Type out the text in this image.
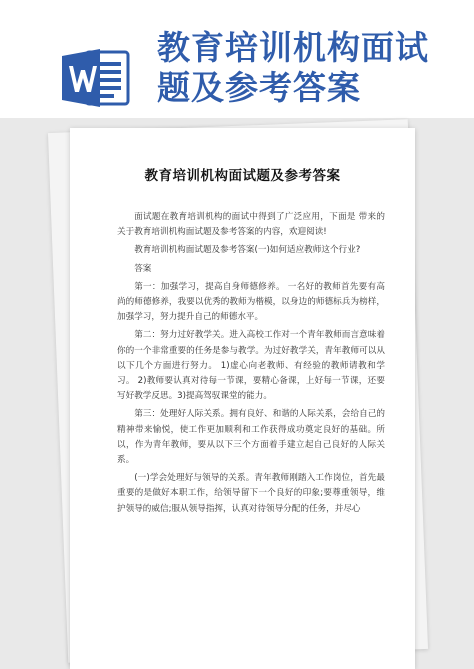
教育培训机构面试题及参考答案
教育培训机构面试题及参考答案

面试题在教育培训机构的面试中得到了广泛应用，下面是 带来的关于教育培训机构面试题及参考答案的内容，欢迎阅读!

教育培训机构面试题及参考答案(一)如何适应教师这个行业?

答案

第一：加强学习，提高自身师德修养。 一名好的教师首先要有高尚的师德修养，我要以优秀的教师为楷模，以身边的师德标兵为榜样，加强学习，努力提升自己的师德水平。

第二：努力过好教学关。进入高校工作对一个青年教师而言意味着你的一个非常重要的任务是参与教学。为过好教学关，青年教师可以从以下几个方面进行努力。 1)虚心向老教师、有经验的教师请教和学习。 2)教师要认真对待每一节课，要精心备课，上好每一节课，还要写好教学反思。3)提高驾驭课堂的能力。

第三：处理好人际关系。拥有良好、和谐的人际关系，会给自己的精神带来愉悦，使工作更加顺利和工作获得成功奠定良好的基础。所以，作为青年教师，要从以下三个方面着手建立起自己良好的人际关系。

(一)学会处理好与领导的关系。青年教师刚踏入工作岗位，首先最重要的是做好本职工作，给领导留下一个良好的印象;要尊重领导，维护领导的威信;服从领导指挥，认真对待领导分配的任务，并尽心
